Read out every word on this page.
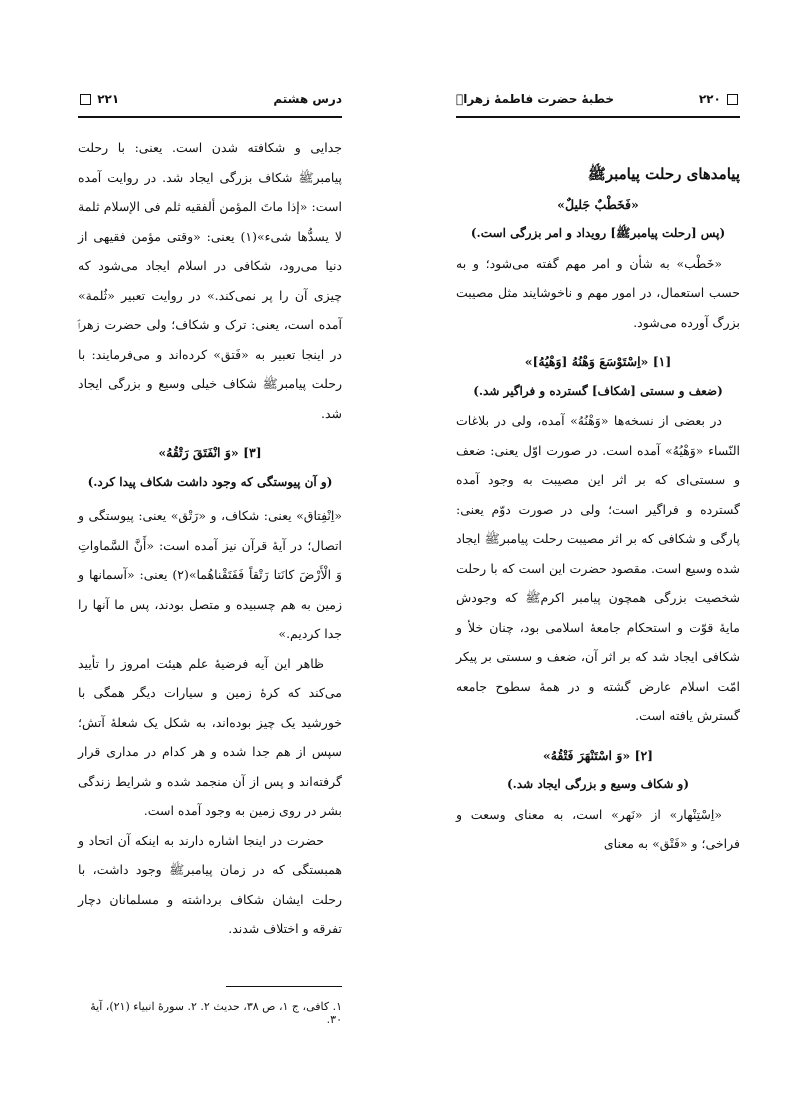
٢٢١	درس هشتم

جدایی و شکافته شدن است. یعنی: با رحلت پیامبرﷺ شکاف بزرگی ایجاد شد. در روایت آمده است: «إذا ماتَ المؤمن ألفقیه ثلم فی الإسلام ثلمة لا یسدُّها شیء»(١) یعنی: «وقتی مؤمن فقیهی از دنیا می‌رود، شکافی در اسلام ایجاد می‌شود که چیزی آن را پر نمی‌کند.» در روایت تعبیر «ثُلمة» آمده است، یعنی: ترک و شکاف؛ ولی حضرت زهراؑ در اینجا تعبیر به «فَتق» کرده‌اند و می‌فرمایند: با رحلت پیامبرﷺ شکاف خیلی وسیع و بزرگی ایجاد شد.

[٣] «وَ انْفَتَقَ رَتْقُهُ»

(و آن پیوستگی که وجود داشت شکاف پیدا کرد.)

«اِنْفِتاق» یعنی: شکاف، و «رَتْق» یعنی: پیوستگی و اتصال؛ در آیهٔ قرآن نیز آمده است: «أَنَّ السَّماواتِ وَ الْأَرْضَ كانَتا رَتْقاً فَفَتَقْناهُما»(٢) یعنی: «آسمانها و زمین به هم چسبیده و متصل بودند، پس ما آنها را جدا کردیم.»

ظاهر این آیه فرضیهٔ علم هیئت امروز را تأیید می‌کند که کرهٔ زمین و سیارات دیگر همگی با خورشید یک چیز بوده‌اند، به شکل یک شعلهٔ آتش؛ سپس از هم جدا شده و هر کدام در مداری قرار گرفته‌اند و پس از آن منجمد شده و شرایط زندگی بشر در روی زمین به وجود آمده است.

حضرت در اینجا اشاره دارند به اینکه آن اتحاد و همبستگی که در زمان پیامبرﷺ وجود داشت، با رحلت ایشان شکاف برداشته و مسلمانان دچار تفرقه و اختلاف شدند.

١. کافی، ج ١، ص ٣٨، حدیث ٢. ٢. سورهٔ انبیاء (٢١)، آیهٔ ٣٠.
خطبهٔ حضرت فاطمهٔ زهراؑ	٢٢٠

پیامدهای رحلت پیامبرﷺ

«فَخَطْبٌ جَلیلٌ»

(پس [رحلت پیامبرﷺ] رویداد و امر بزرگی است.)

«خَطْب» به شأن و امر مهم گفته می‌شود؛ و به حسب استعمال، در امور مهم و ناخوشایند مثل مصیبت بزرگ آورده می‌شود.

[١] «اِسْتَوْسَعَ وَهْنُهُ [وَهْیُهُ]»

(ضعف و سستی [شکاف] گسترده و فراگیر شد.)

در بعضی از نسخه‌ها «وَهْنُهُ» آمده، ولی در بلاغات النّساء «وَهْیُهُ» آمده است. در صورت اوّل یعنی: ضعف و سستی‌ای که بر اثر این مصیبت به وجود آمده گسترده و فراگیر است؛ ولی در صورت دوّم یعنی: پارگی و شکافی که بر اثر مصیبت رحلت پیامبرﷺ ایجاد شده وسیع است. مقصود حضرت این است که با رحلت شخصیت بزرگی همچون پیامبر اکرمﷺ که وجودش مایهٔ قوّت و استحکام جامعهٔ اسلامی بود، چنان خلأ و شکافی ایجاد شد که بر اثر آن، ضعف و سستی بر پیکر امّت اسلام عارض گشته و در همهٔ سطوح جامعه گسترش یافته است.

[٢] «وَ اسْتَنْهَرَ فَتْقُهُ»

(و شکاف وسیع و بزرگی ایجاد شد.)

«اِسْتِنْهار» از «نَهر» است، به معنای وسعت و فراخی؛ و «فَتْق» به معنای
